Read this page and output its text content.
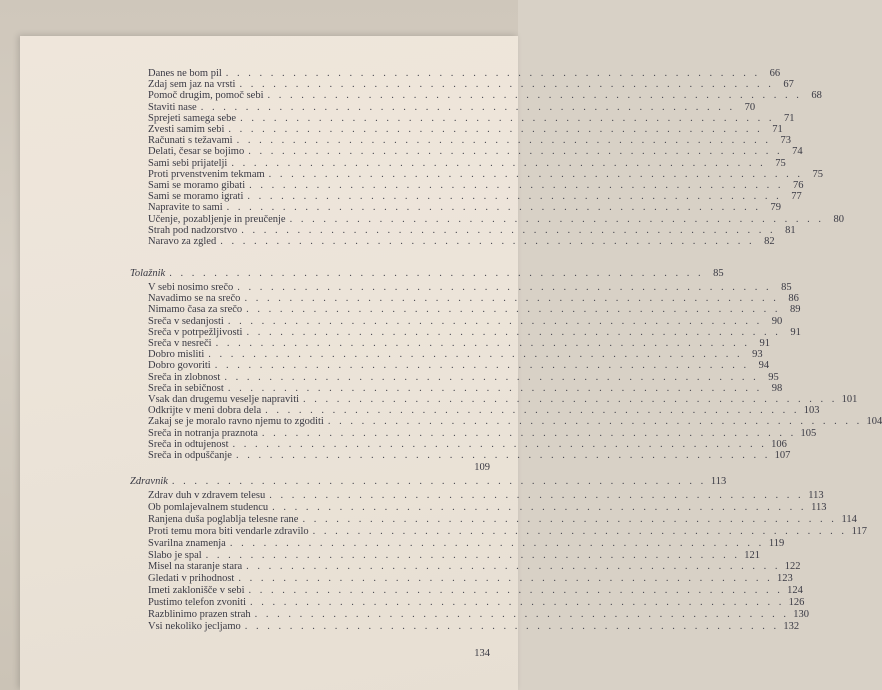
109
134
Danes ne bom pil . . . . . . . . . . . . . . . . . . . . . . . . . . . . . . . . . . . . . . . . . . . . . . . . 66
Zdaj sem jaz na vrsti . . . . . . . . . . . . . . . . . . . . . . . . . . . . . . . . . . . . . . . . . . . . . . . . 67
Pomoč drugim, pomoč sebi . . . . . . . . . . . . . . . . . . . . . . . . . . . . . . . . . . . . . . . . . . . . . . . . 68
Staviti nase . . . . . . . . . . . . . . . . . . . . . . . . . . . . . . . . . . . . . . . . . . . . . . . . 70
Sprejeti samega sebe . . . . . . . . . . . . . . . . . . . . . . . . . . . . . . . . . . . . . . . . . . . . . . . . 71
Zvesti samim sebi . . . . . . . . . . . . . . . . . . . . . . . . . . . . . . . . . . . . . . . . . . . . . . . . 71
Računati s težavami . . . . . . . . . . . . . . . . . . . . . . . . . . . . . . . . . . . . . . . . . . . . . . . . 73
Delati, česar se bojimo . . . . . . . . . . . . . . . . . . . . . . . . . . . . . . . . . . . . . . . . . . . . . . . . 74
Sami sebi prijatelji . . . . . . . . . . . . . . . . . . . . . . . . . . . . . . . . . . . . . . . . . . . . . . . . 75
Proti prvenstvenim tekmam . . . . . . . . . . . . . . . . . . . . . . . . . . . . . . . . . . . . . . . . . . . . . . . . 75
Sami se moramo gibati . . . . . . . . . . . . . . . . . . . . . . . . . . . . . . . . . . . . . . . . . . . . . . . . 76
Sami se moramo igrati . . . . . . . . . . . . . . . . . . . . . . . . . . . . . . . . . . . . . . . . . . . . . . . . 77
Napravite to sami . . . . . . . . . . . . . . . . . . . . . . . . . . . . . . . . . . . . . . . . . . . . . . . . 79
Učenje, pozabljenje in preučenje . . . . . . . . . . . . . . . . . . . . . . . . . . . . . . . . . . . . . . . . . . . . . . . . 80
Strah pod nadzorstvo . . . . . . . . . . . . . . . . . . . . . . . . . . . . . . . . . . . . . . . . . . . . . . . . 81
Naravo za zgled . . . . . . . . . . . . . . . . . . . . . . . . . . . . . . . . . . . . . . . . . . . . . . . . 82
Tolažnik . . . . . . . . . . . . . . . . . . . . . . . . . . . . . . . . . . . . . . . . . . . . . . . . 85
V sebi nosimo srečo . . . . . . . . . . . . . . . . . . . . . . . . . . . . . . . . . . . . . . . . . . . . . . . . 85
Navadimo se na srečo . . . . . . . . . . . . . . . . . . . . . . . . . . . . . . . . . . . . . . . . . . . . . . . . 86
Nimamo časa za srečo . . . . . . . . . . . . . . . . . . . . . . . . . . . . . . . . . . . . . . . . . . . . . . . . 89
Sreča v sedanjosti . . . . . . . . . . . . . . . . . . . . . . . . . . . . . . . . . . . . . . . . . . . . . . . . 90
Sreča v potrpežljivosti . . . . . . . . . . . . . . . . . . . . . . . . . . . . . . . . . . . . . . . . . . . . . . . . 91
Sreča v nesreči . . . . . . . . . . . . . . . . . . . . . . . . . . . . . . . . . . . . . . . . . . . . . . . . 91
Dobro misliti . . . . . . . . . . . . . . . . . . . . . . . . . . . . . . . . . . . . . . . . . . . . . . . . 93
Dobro govoriti . . . . . . . . . . . . . . . . . . . . . . . . . . . . . . . . . . . . . . . . . . . . . . . . 94
Sreča in zlobnost . . . . . . . . . . . . . . . . . . . . . . . . . . . . . . . . . . . . . . . . . . . . . . . . 95
Sreča in sebičnost . . . . . . . . . . . . . . . . . . . . . . . . . . . . . . . . . . . . . . . . . . . . . . . . 98
Vsak dan drugemu veselje napraviti . . . . . . . . . . . . . . . . . . . . . . . . . . . . . . . . . . . . . . . . . . . . . . . . 101
Odkrijte v meni dobra dela . . . . . . . . . . . . . . . . . . . . . . . . . . . . . . . . . . . . . . . . . . . . . . . . 103
Zakaj se je moralo ravno njemu to zgoditi . . . . . . . . . . . . . . . . . . . . . . . . . . . . . . . . . . . . . . . . . . . . . . . . 104
Sreča in notranja praznota . . . . . . . . . . . . . . . . . . . . . . . . . . . . . . . . . . . . . . . . . . . . . . . . 105
Sreča in odtujenost . . . . . . . . . . . . . . . . . . . . . . . . . . . . . . . . . . . . . . . . . . . . . . . . 106
Sreča in odpuščanje . . . . . . . . . . . . . . . . . . . . . . . . . . . . . . . . . . . . . . . . . . . . . . . . 107
Zdravnik . . . . . . . . . . . . . . . . . . . . . . . . . . . . . . . . . . . . . . . . . . . . . . . . 113
Zdrav duh v zdravem telesu . . . . . . . . . . . . . . . . . . . . . . . . . . . . . . . . . . . . . . . . . . . . . . . . 113
Ob pomlajevalnem studencu . . . . . . . . . . . . . . . . . . . . . . . . . . . . . . . . . . . . . . . . . . . . . . . . 113
Ranjena duša poglablja telesne rane . . . . . . . . . . . . . . . . . . . . . . . . . . . . . . . . . . . . . . . . . . . . . . . . 114
Proti temu mora biti vendarle zdravilo . . . . . . . . . . . . . . . . . . . . . . . . . . . . . . . . . . . . . . . . . . . . . . . . 117
Svarilna znamenja . . . . . . . . . . . . . . . . . . . . . . . . . . . . . . . . . . . . . . . . . . . . . . . . 119
Slabo je spal . . . . . . . . . . . . . . . . . . . . . . . . . . . . . . . . . . . . . . . . . . . . . . . . 121
Misel na staranje stara . . . . . . . . . . . . . . . . . . . . . . . . . . . . . . . . . . . . . . . . . . . . . . . . 122
Gledati v prihodnost . . . . . . . . . . . . . . . . . . . . . . . . . . . . . . . . . . . . . . . . . . . . . . . . 123
Imeti zaklonišče v sebi . . . . . . . . . . . . . . . . . . . . . . . . . . . . . . . . . . . . . . . . . . . . . . . . 124
Pustimo telefon zvoniti . . . . . . . . . . . . . . . . . . . . . . . . . . . . . . . . . . . . . . . . . . . . . . . . 126
Razblinimo prazen strah . . . . . . . . . . . . . . . . . . . . . . . . . . . . . . . . . . . . . . . . . . . . . . . . 130
Vsi nekoliko jecljamo . . . . . . . . . . . . . . . . . . . . . . . . . . . . . . . . . . . . . . . . . . . . . . . . 132
